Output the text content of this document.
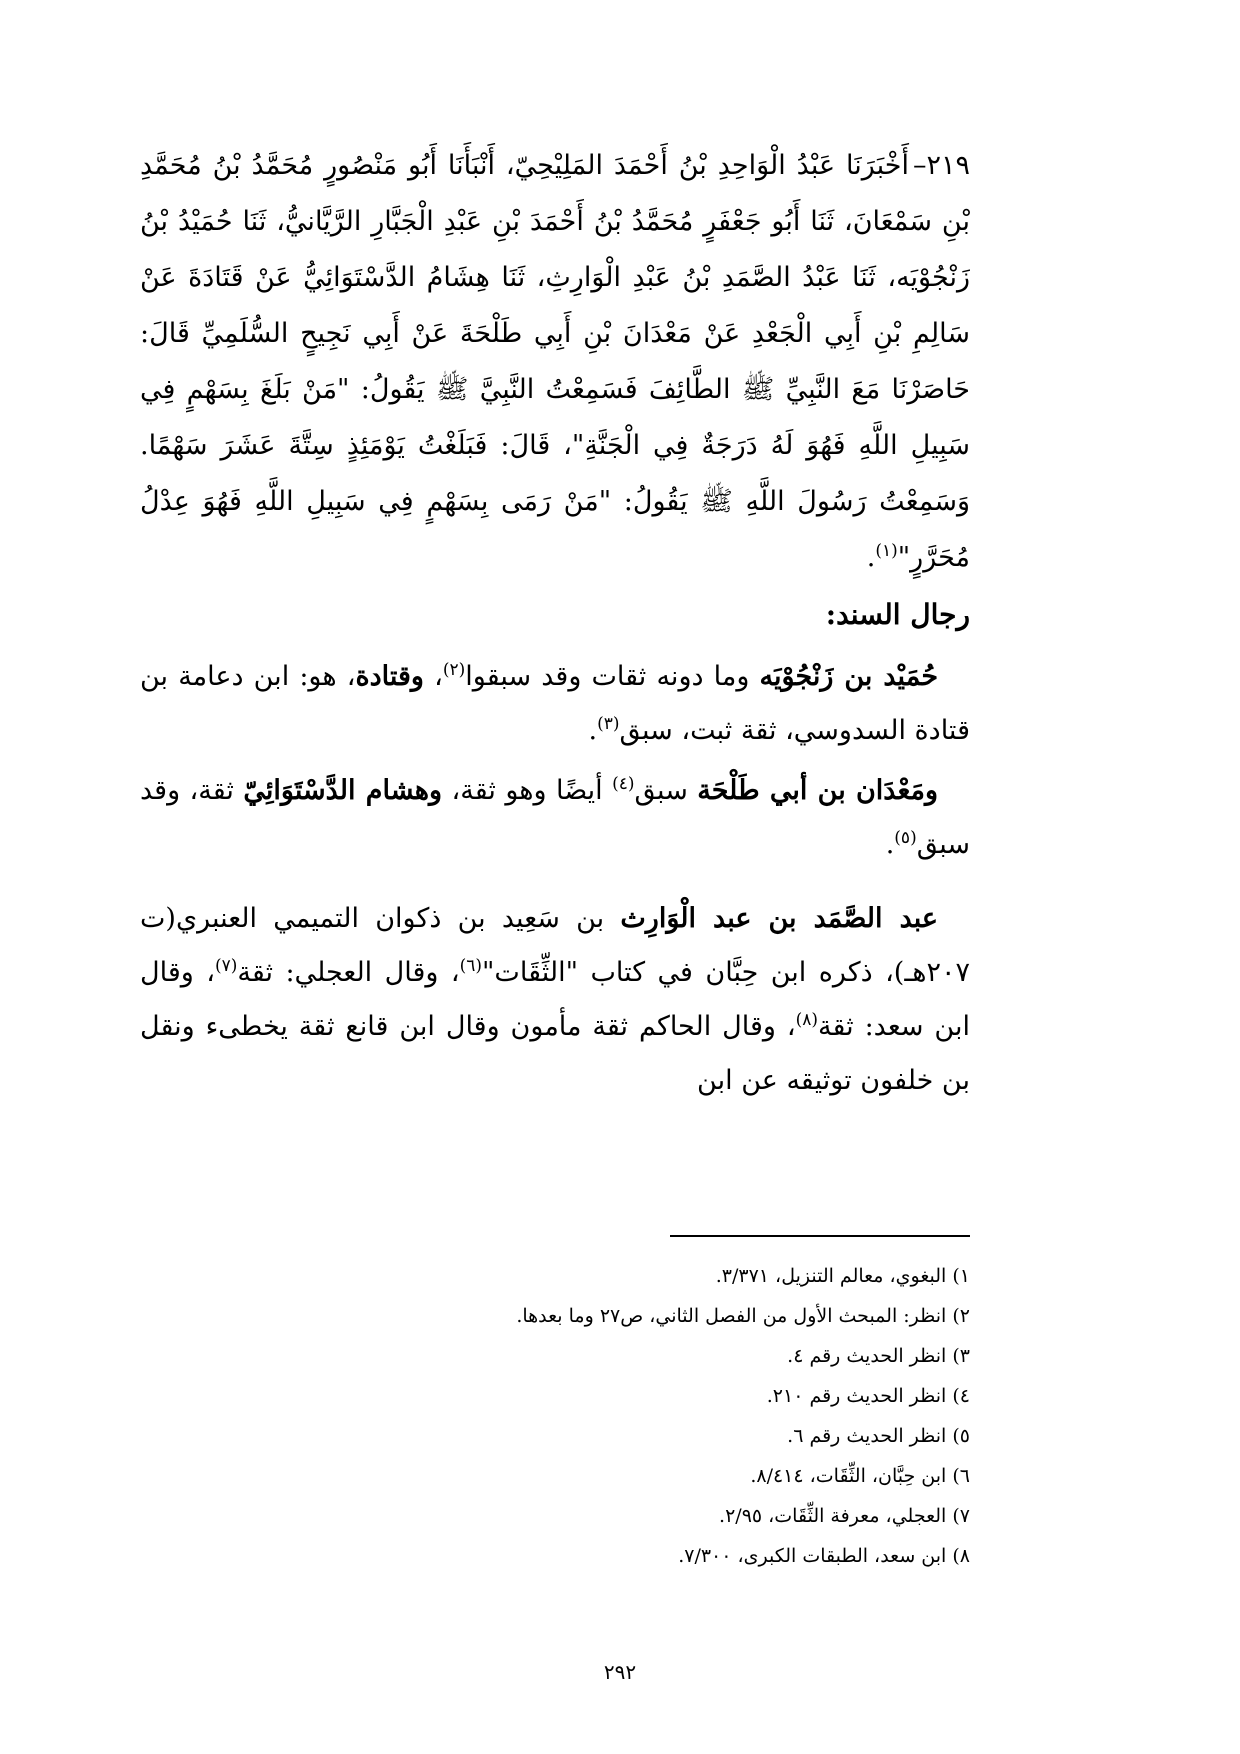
٢١٩–أَخْبَرَنَا عَبْدُ الْوَاحِدِ بْنُ أَحْمَدَ المَلِيْحِيّ، أَنْبَأَنَا أَبُو مَنْصُورٍ مُحَمَّدُ بْنُ مُحَمَّدِ بْنِ سَمْعَانَ، ثَنَا أَبُو جَعْفَرٍ مُحَمَّدُ بْنُ أَحْمَدَ بْنِ عَبْدِ الْجَبَّارِ الرَّيَّانيُّ، ثَنَا حُمَيْدُ بْنُ زَنْجُوْيَه، ثَنَا عَبْدُ الصَّمَدِ بْنُ عَبْدِ الْوَارِثِ، ثَنَا هِشَامُ الدَّسْتَوَائِيُّ عَنْ قَتَادَةَ عَنْ سَالِمِ بْنِ أَبِي الْجَعْدِ عَنْ مَعْدَانَ بْنِ أَبِي طَلْحَةَ عَنْ أَبِي نَجِيحٍ السُّلَمِيِّ قَالَ: حَاصَرْنَا مَعَ النَّبِيِّ ﷺ الطَّائِفَ فَسَمِعْتُ النَّبِيَّ ﷺ يَقُولُ: "مَنْ بَلَغَ بِسَهْمٍ فِي سَبِيلِ اللَّهِ فَهُوَ لَهُ دَرَجَةٌ فِي الْجَنَّةِ"، قَالَ: فَبَلَغْتُ يَوْمَئِذٍ سِتَّةَ عَشَرَ سَهْمًا. وَسَمِعْتُ رَسُولَ اللَّهِ ﷺ يَقُولُ: "مَنْ رَمَى بِسَهْمٍ فِي سَبِيلِ اللَّهِ فَهُوَ عِدْلُ مُحَرَّرٍ"$^{(١)}$.

رجال السند:

حُمَيْد بن زَنْجُوْيَه وما دونه ثقات وقد سبقوا$^{(٢)}$، وقتادة، هو: ابن دعامة بن قتادة السدوسي، ثقة ثبت، سبق$^{(٣)}$.

ومَعْدَان بن أبي طَلْحَة سبق$^{(٤)}$ أيضًا وهو ثقة، وهشام الدَّسْتَوَائِيّ ثقة، وقد سبق$^{(٥)}$.

عبد الصَّمَد بن عبد الْوَارِث بن سَعِيد بن ذكوان التميمي العنبري(ت ٢٠٧هـ)، ذكره ابن حِبَّان في كتاب "الثِّقَات"$^{(٦)}$، وقال العجلي: ثقة$^{(٧)}$، وقال ابن سعد: ثقة$^{(٨)}$، وقال الحاكم ثقة مأمون وقال ابن قانع ثقة يخطىء ونقل بن خلفون توثيقه عن ابن

١) البغوي، معالم التنزيل، ٣/٣٧١.
٢) انظر: المبحث الأول من الفصل الثاني، ص٢٧ وما بعدها.
٣) انظر الحديث رقم ٤.
٤) انظر الحديث رقم ٢١٠.
٥) انظر الحديث رقم ٦.
٦) ابن حِبَّان، الثِّقَات، ٨/٤١٤.
٧) العجلي، معرفة الثِّقَات، ٢/٩٥.
٨) ابن سعد، الطبقات الكبرى، ٧/٣٠٠.
٢٩٢
